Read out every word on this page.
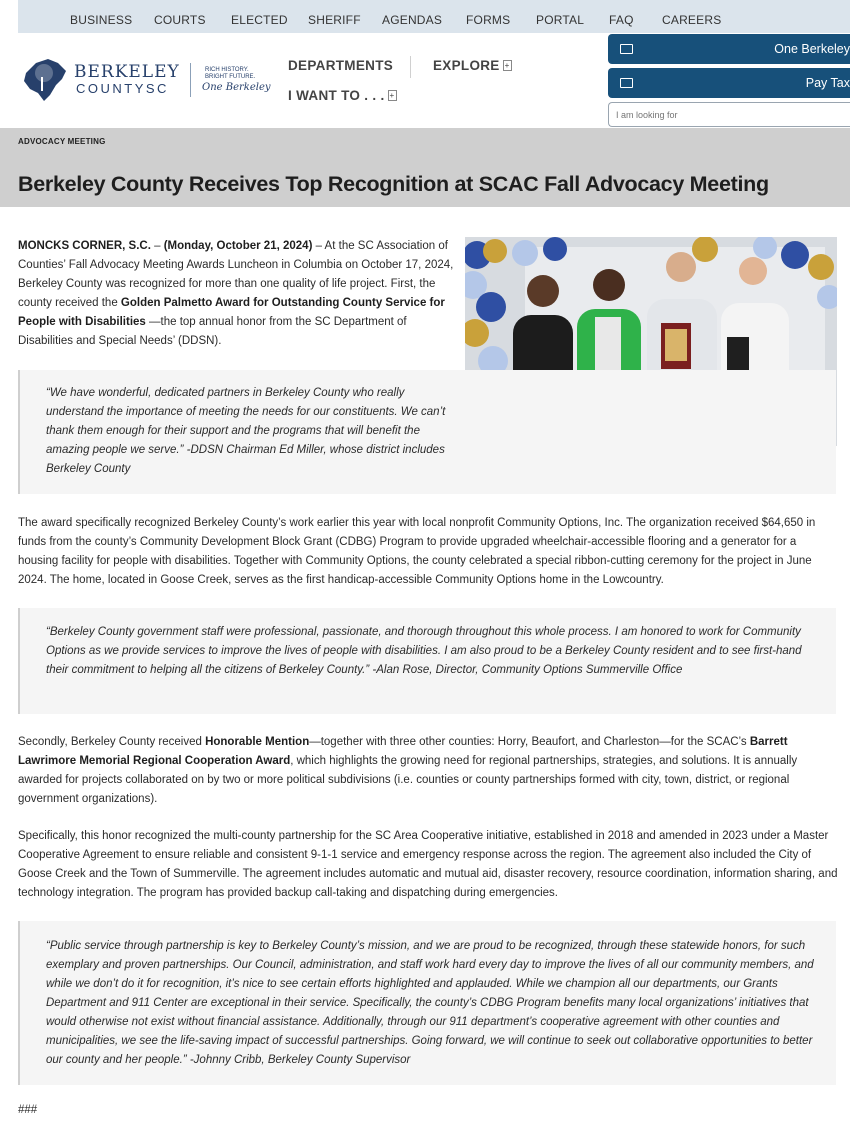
BUSINESS COURTS ELECTED SHERIFF AGENDAS FORMS PORTAL FAQ CAREERS
BERKELEY
COUNTYSC
RICH HISTORY.
BRIGHT FUTURE.
One Berkeley
DEPARTMENTS	EXPLORE +
I WANT TO . . . +
One Berkeley
Pay Tax
I am looking for
ADVOCACY MEETING
Berkeley County Receives Top Recognition at SCAC Fall Advocacy Meeting

MONCKS CORNER, S.C. – (Monday, October 21, 2024) – At the SC Association of Counties’ Fall Advocacy Meeting Awards Luncheon in Columbia on October 17, 2024, Berkeley County was recognized for more than one quality of life project. First, the county received the Golden Palmetto Award for Outstanding County Service for People with Disabilities —the top annual honor from the SC Department of Disabilities and Special Needs’ (DDSN).

“We have wonderful, dedicated partners in Berkeley County who really understand the importance of meeting the needs for our constituents. We can’t thank them enough for their support and the programs that will benefit the amazing people we serve.” -DDSN Chairman Ed Miller, whose district includes Berkeley County

The award specifically recognized Berkeley County’s work earlier this year with local nonprofit Community Options, Inc. The organization received $64,650 in funds from the county’s Community Development Block Grant (CDBG) Program to provide upgraded wheelchair-accessible flooring and a generator for a housing facility for people with disabilities. Together with Community Options, the county celebrated a special ribbon-cutting ceremony for the project in June 2024. The home, located in Goose Creek, serves as the first handicap-accessible Community Options home in the Lowcountry.

“Berkeley County government staff were professional, passionate, and thorough throughout this whole process. I am honored to work for Community Options as we provide services to improve the lives of people with disabilities. I am also proud to be a Berkeley County resident and to see first-hand their commitment to helping all the citizens of Berkeley County.” -Alan Rose, Director, Community Options Summerville Office

Secondly, Berkeley County received Honorable Mention—together with three other counties: Horry, Beaufort, and Charleston—for the SCAC’s Barrett Lawrimore Memorial Regional Cooperation Award, which highlights the growing need for regional partnerships, strategies, and solutions. It is annually awarded for projects collaborated on by two or more political subdivisions (i.e. counties or county partnerships formed with city, town, district, or regional government organizations).

Specifically, this honor recognized the multi-county partnership for the SC Area Cooperative initiative, established in 2018 and amended in 2023 under a Master Cooperative Agreement to ensure reliable and consistent 9-1-1 service and emergency response across the region. The agreement also included the City of Goose Creek and the Town of Summerville. The agreement includes automatic and mutual aid, disaster recovery, resource coordination, information sharing, and technology integration. The program has provided backup call-taking and dispatching during emergencies.

“Public service through partnership is key to Berkeley County’s mission, and we are proud to be recognized, through these statewide honors, for such exemplary and proven partnerships. Our Council, administration, and staff work hard every day to improve the lives of all our community members, and while we don’t do it for recognition, it’s nice to see certain efforts highlighted and applauded. While we champion all our departments, our Grants Department and 911 Center are exceptional in their service. Specifically, the county’s CDBG Program benefits many local organizations’ initiatives that would otherwise not exist without financial assistance. Additionally, through our 911 department’s cooperative agreement with other counties and municipalities, we see the life-saving impact of successful partnerships. Going forward, we will continue to seek out collaborative opportunities to better our county and her people.” -Johnny Cribb, Berkeley County Supervisor

###
